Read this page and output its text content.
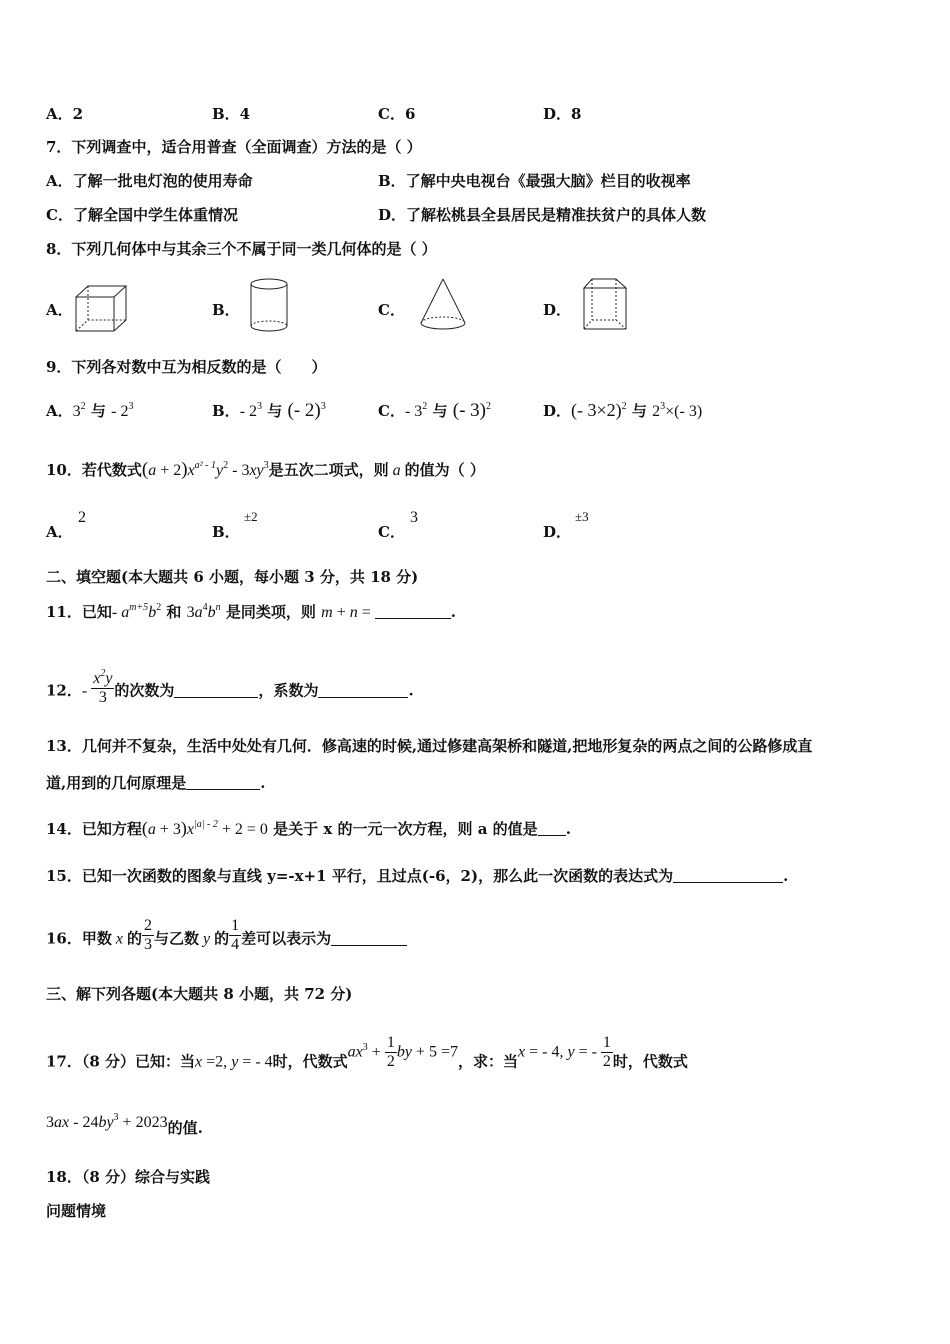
A．2	B．4	C．6	D．8
7．下列调查中，适合用普查（全面调查）方法的是（ ）
A．了解一批电灯泡的使用寿命	B．了解中央电视台《最强大脑》栏目的收视率
C．了解全国中学生体重情况	D．了解松桃县全县居民是精准扶贫户的具体人数
8．下列几何体中与其余三个不属于同一类几何体的是（ ）
A．	B．	C．	D．
9．下列各对数中互为相反数的是（　　）
A．$3^2$ 与 - $2^3$	B．- $2^3$ 与 (- 2)$^3$	C．- $3^2$ 与 (- 3)$^2$	D．(- 3×2)$^2$ 与 $2^3\times(-$ 3)
10．若代数式$(a + 2)x^{a^2 - 1}y^2 - 3xy^3$是五次二项式，则 a 的值为（ ）
A．
2
B．
±2
C．
3
D．
±3
二、填空题(本大题共 6 小题，每小题 3 分，共 18 分)
11．已知- $a^{m+5}b^2$ 和 $3a^4b^n$ 是同类项，则 m + n =	.
12．- $\frac{x^2y}{3}$ 的次数为	，系数为	.
13．几何并不复杂，生活中处处有几何．修高速的时候,通过修建高架桥和隧道,把地形复杂的两点之间的公路修成直
道,用到的几何原理是	.
14．已知方程$(a + 3)x^{|a| - 2} + 2 = 0$ 是关于 x 的一元一次方程，则 a 的值是 .
15．已知一次函数的图象与直线 y=-x+1 平行，且过点(-6，2)，那么此一次函数的表达式为	.
16．甲数 x 的 $\frac{2}{3}$ 与乙数 y 的 $\frac{1}{4}$ 差可以表示为
三、解下列各题(本大题共 8 小题，共 72 分)
17．（8 分）已知：当x =2, y = - 4时，代数式$ax^3 + \frac{1}{2}$ by + 5 =7，求：当x = - 4, y = - $\frac{1}{2}$ 时，代数式
$3ax - 24by^3 + 2023$的值.
18．（8 分）综合与实践
问题情境
